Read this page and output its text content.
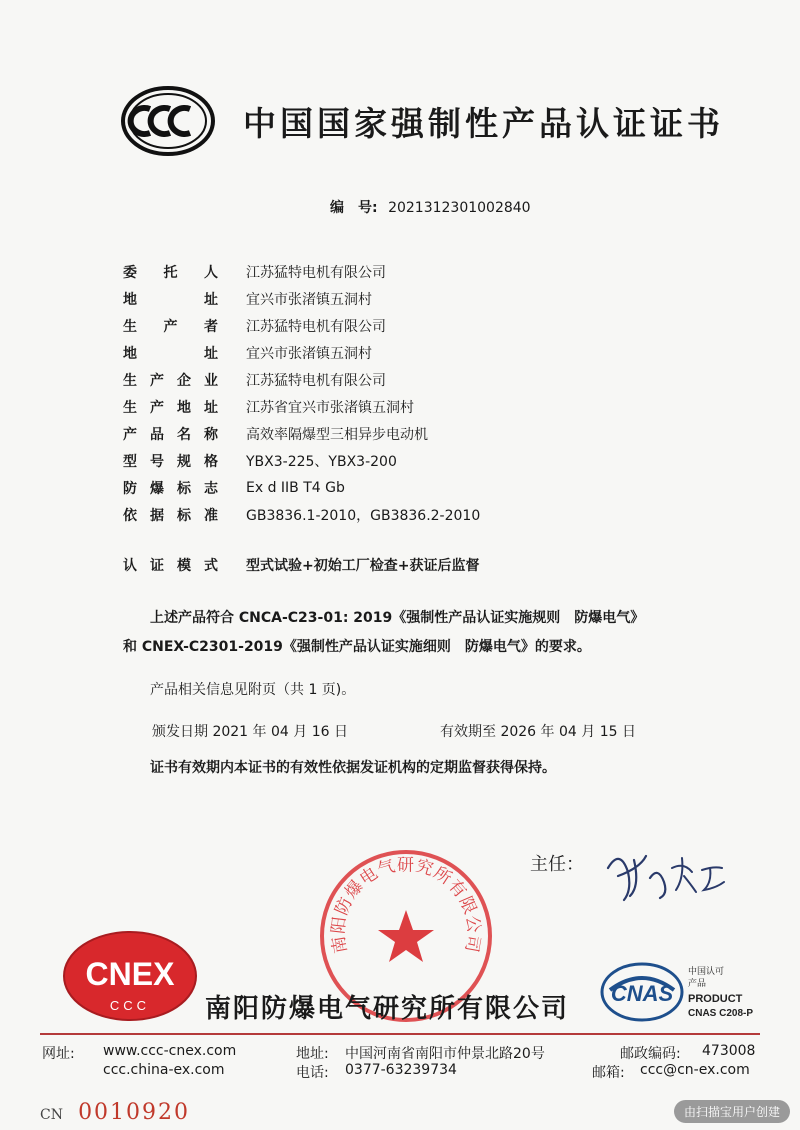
中国国家强制性产品认证证书
编　号: 2021312301002840
委 托 人 江苏猛特电机有限公司
地	址 宜兴市张渚镇五洞村
生 产 者 江苏猛特电机有限公司
地	址 宜兴市张渚镇五洞村
生 产 企 业 江苏猛特电机有限公司
生 产 地 址 江苏省宜兴市张渚镇五洞村
产 品 名 称 高效率隔爆型三相异步电动机
型 号 规 格 YBX3-225、YBX3-200
防 爆 标 志 Ex d IIB T4 Gb
依 据 标 准 GB3836.1-2010，GB3836.2-2010
认 证 模 式 型式试验+初始工厂检查+获证后监督
上述产品符合 CNCA-C23-01: 2019《强制性产品认证实施规则　防爆电气》
和 CNEX-C2301-2019《强制性产品认证实施细则　防爆电气》的要求。
产品相关信息见附页（共 1 页)。
颁发日期 2021 年 04 月 16 日	有效期至 2026 年 04 月 15 日
证书有效期内本证书的有效性依据发证机构的定期监督获得保持。
南阳防爆电气研究所有限公司
主任：
CNEX
CCC 南阳防爆电气研究所有限公司
CNAS
中国认可
产品
PRODUCT
CNAS C208-P
网址: www.ccc-cnex.com
ccc.china-ex.com
地址: 中国河南省南阳市仲景北路20号
电话: 0377-63239734
邮政编码: 473008
邮箱: ccc@cn-ex.com
CN 0010920	由扫描宝用户创建
